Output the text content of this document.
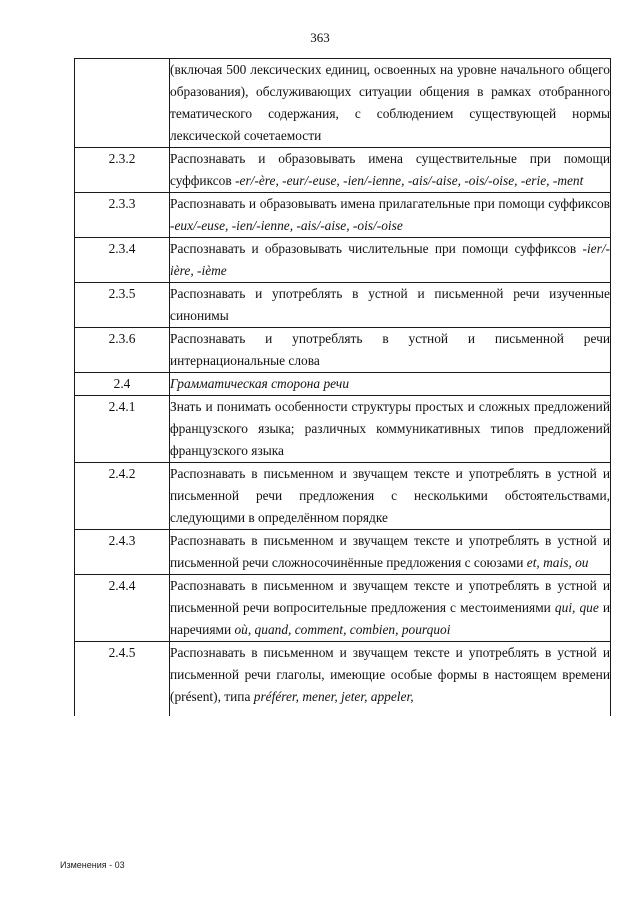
363
	(включая 500 лексических единиц, освоенных на уровне начального общего образования), обслуживающих ситуации общения в рамках отобранного тематического содержания, с соблюдением существующей нормы лексической сочетаемости
2.3.2	Распознавать и образовывать имена существительные при помощи суффиксов -er/-ère, -eur/-euse, -ien/-ienne, -ais/-aise, -ois/-oise, -erie, -ment
2.3.3	Распознавать и образовывать имена прилагательные при помощи суффиксов -eux/-euse, -ien/-ienne, -ais/-aise, -ois/-oise
2.3.4	Распознавать и образовывать числительные при помощи суффиксов -ier/-ière, -ième
2.3.5	Распознавать и употреблять в устной и письменной речи изученные синонимы
2.3.6	Распознавать и употреблять в устной и письменной речи интернациональные слова
2.4	Грамматическая сторона речи
2.4.1	Знать и понимать особенности структуры простых и сложных предложений французского языка; различных коммуникативных типов предложений французского языка
2.4.2	Распознавать в письменном и звучащем тексте и употреблять в устной и письменной речи предложения с несколькими обстоятельствами, следующими в определённом порядке
2.4.3	Распознавать в письменном и звучащем тексте и употреблять в устной и письменной речи сложносочинённые предложения с союзами et, mais, ou
2.4.4	Распознавать в письменном и звучащем тексте и употреблять в устной и письменной речи вопросительные предложения с местоимениями qui, que и наречиями où, quand, comment, combien, pourquoi
2.4.5	Распознавать в письменном и звучащем тексте и употреблять в устной и письменной речи глаголы, имеющие особые формы в настоящем времени (présent), типа préférer, mener, jeter, appeler,
Изменения - 03
